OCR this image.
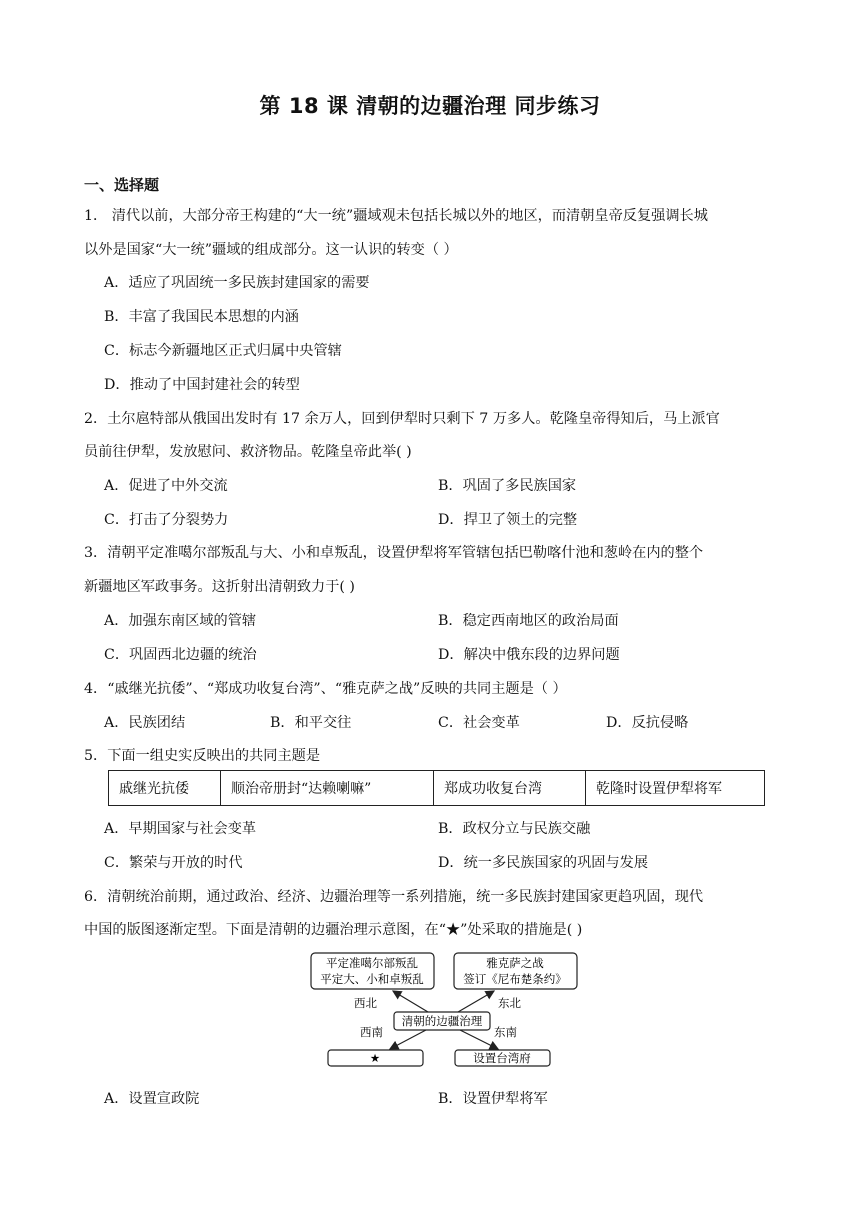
第 18 课 清朝的边疆治理 同步练习
一、选择题
1． 清代以前，大部分帝王构建的“大一统”疆域观未包括长城以外的地区，而清朝皇帝反复强调长城
以外是国家“大一统”疆域的组成部分。这一认识的转变（ ）
A．适应了巩固统一多民族封建国家的需要
B．丰富了我国民本思想的内涵
C．标志今新疆地区正式归属中央管辖
D．推动了中国封建社会的转型
2．土尔扈特部从俄国出发时有 17 余万人，回到伊犁时只剩下 7 万多人。乾隆皇帝得知后，马上派官
员前往伊犁，发放慰问、救济物品。乾隆皇帝此举( )
A．促进了中外交流	B．巩固了多民族国家
C．打击了分裂势力	D．捍卫了领土的完整
3．清朝平定准噶尔部叛乱与大、小和卓叛乱，设置伊犁将军管辖包括巴勒喀什池和葱岭在内的整个
新疆地区军政事务。这折射出清朝致力于( )
A．加强东南区域的管辖	B．稳定西南地区的政治局面
C．巩固西北边疆的统治	D．解决中俄东段的边界问题
4．“戚继光抗倭”、“郑成功收复台湾”、“雅克萨之战”反映的共同主题是（ ）
A．民族团结	B．和平交往	C．社会变革	D．反抗侵略
5．下面一组史实反映出的共同主题是
戚继光抗倭	顺治帝册封“达赖喇嘛”	郑成功收复台湾	乾隆时设置伊犁将军
A．早期国家与社会变革	B．政权分立与民族交融
C．繁荣与开放的时代	D．统一多民族国家的巩固与发展
6．清朝统治前期，通过政治、经济、边疆治理等一系列措施，统一多民族封建国家更趋巩固，现代
中国的版图逐渐定型。下面是清朝的边疆治理示意图，在“★”处采取的措施是( )
平定准噶尔部叛乱
平定大、小和卓叛乱
雅克萨之战
签订《尼布楚条约》
清朝的边疆治理
西北	东北
西南	东南
★	设置台湾府
A．设置宣政院	B．设置伊犁将军
